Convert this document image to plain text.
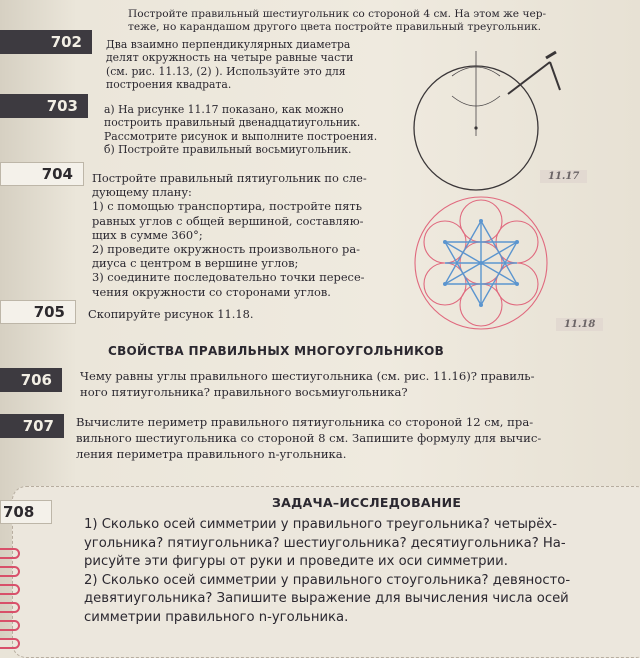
Постройте правильный шестиугольник со стороной 4 см. На этом же чер-
теже, но карандашом другого цвета постройте правильный треугольник.
702	Два взаимно перпендикулярных диаметра
делят окружность на четыре равные части
(см. рис. 11.13, (2) ). Используйте это для
построения квадрата.
703	а) На рисунке 11.17 показано, как можно
построить правильный двенадцатиугольник.
Рассмотрите рисунок и выполните построения.
б) Постройте правильный восьмиугольник.
704	Постройте правильный пятиугольник по сле-
дующему плану:
1) с помощью транспортира, постройте пять
равных углов с общей вершиной, составляю-
щих в сумме 360°;
2) проведите окружность произвольного ра-
диуса с центром в вершине углов;
3) соедините последовательно точки пересе-
чения окружности со сторонами углов.
705	Скопируйте рисунок 11.18.
11.17
11.18
СВОЙСТВА ПРАВИЛЬНЫХ МНОГОУГОЛЬНИКОВ
706	Чему равны углы правильного шестиугольника (см. рис. 11.16)? правиль-
ного пятиугольника? правильного восьмиугольника?
707	Вычислите периметр правильного пятиугольника со стороной 12 см, пра-
вильного шестиугольника со стороной 8 см. Запишите формулу для вычис-
ления периметра правильного n-угольника.
708
ЗАДАЧА–ИССЛЕДОВАНИЕ
1) Сколько осей симметрии у правильного треугольника? четырёх-
угольника? пятиугольника? шестиугольника? десятиугольника? На-
рисуйте эти фигуры от руки и проведите их оси симметрии.
2) Сколько осей симметрии у правильного стоугольника? девяносто-
девятиугольника? Запишите выражение для вычисления числа осей
симметрии правильного n-угольника.
